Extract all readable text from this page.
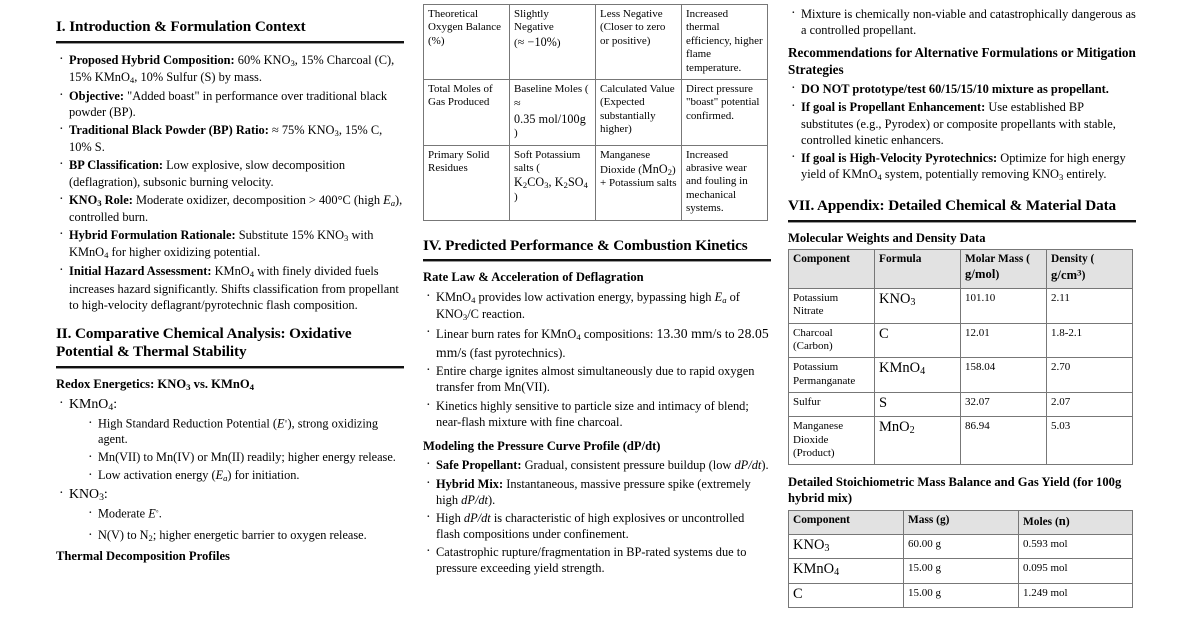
I. Introduction & Formulation Context
· Proposed Hybrid Composition: 60% $KNO_3$, 15% Charcoal (C), 15% KMnO$_4$, 10% Sulfur (S) by mass.
· Objective: "Added boast" in performance over traditional black powder (BP).
· Traditional Black Powder (BP) Ratio: ≈ 75% $KNO_3$, 15% C, 10% S.
· BP Classification: Low explosive, slow decomposition (deflagration), subsonic burning velocity.
· $KNO_3$ Role: Moderate oxidizer, decomposition > 400°C (high $E_a$), controlled burn.
· Hybrid Formulation Rationale: Substitute 15% $KNO_3$ with KMnO$_4$ for higher oxidizing potential.
· Initial Hazard Assessment: KMnO$_4$ with finely divided fuels increases hazard significantly. Shifts classification from propellant to high-velocity deflagrant/pyrotechnic flash composition.
II. Comparative Chemical Analysis: Oxidative Potential & Thermal Stability
Redox Energetics: $KNO_3$ vs. KMnO$_4$
· KMnO$_4$:
· High Standard Reduction Potential (E◦), strong oxidizing agent.
· Mn(VII) to Mn(IV) or Mn(II) readily; higher energy release.
· Low activation energy $(E_a)$ for initiation.
· $KNO_3$:
· Moderate E◦.
· N(V) to $N_2$; higher energetic barrier to oxygen release.
Thermal Decomposition Profiles
Theoretical Oxygen Balance (%)	Slightly Negative
(≈ −10%)	Less Negative (Closer to zero or positive)	Increased thermal efficiency, higher flame temperature.
Total Moles of Gas Produced	Baseline Moles (
≈
0.35 mol/100g
)	Calculated Value (Expected substantially higher)	Direct pressure "boast" potential confirmed.
Primary Solid Residues	Soft Potassium salts (
$K_2CO_3$, $K_2SO_4$
)	Manganese Dioxide (MnO$_2$) + Potassium salts	Increased abrasive wear and fouling in mechanical systems.
IV. Predicted Performance & Combustion Kinetics
Rate Law & Acceleration of Deflagration
· KMnO$_4$ provides low activation energy, bypassing high $E_a$ of $KNO_3/C$ reaction.
· Linear burn rates for KMnO$_4$ compositions: 13.30 mm/s to 28.05 mm/s (fast pyrotechnics).
· Entire charge ignites almost simultaneously due to rapid oxygen transfer from Mn(VII).
· Kinetics highly sensitive to particle size and intimacy of blend; near-flash mixture with fine charcoal.
Modeling the Pressure Curve Profile (dP/dt)
· Safe Propellant: Gradual, consistent pressure buildup (low dP/dt).
· Hybrid Mix: Instantaneous, massive pressure spike (extremely high dP/dt).
· High dP/dt is characteristic of high explosives or uncontrolled flash compositions under confinement.
· Catastrophic rupture/fragmentation in BP-rated systems due to pressure exceeding yield strength.
· Mixture is chemically non-viable and catastrophically dangerous as a controlled propellant.
Recommendations for Alternative Formulations or Mitigation Strategies
· DO NOT prototype/test 60/15/15/10 mixture as propellant.
· If goal is Propellant Enhancement: Use established BP substitutes (e.g., Pyrodex) or composite propellants with stable, controlled kinetic enhancers.
· If goal is High-Velocity Pyrotechnics: Optimize for high energy yield of KMnO$_4$ system, potentially removing $KNO_3$ entirely.
VII. Appendix: Detailed Chemical & Material Data
Molecular Weights and Density Data
Component	Formula	Molar Mass (
g/mol)	Density (
$g/cm^3$)
Potassium Nitrate	$KNO_3$	101.10	2.11
Charcoal (Carbon)	C	12.01	1.8-2.1
Potassium Permanganate	KMnO$_4$	158.04	2.70
Sulfur	S	32.07	2.07
Manganese Dioxide (Product)	MnO$_2$	86.94	5.03
Detailed Stoichiometric Mass Balance and Gas Yield (for 100g hybrid mix)
Component	Mass (g)	Moles (n)
$KNO_3$	60.00 g	0.593 mol
KMnO$_4$	15.00 g	0.095 mol
C	15.00 g	1.249 mol
